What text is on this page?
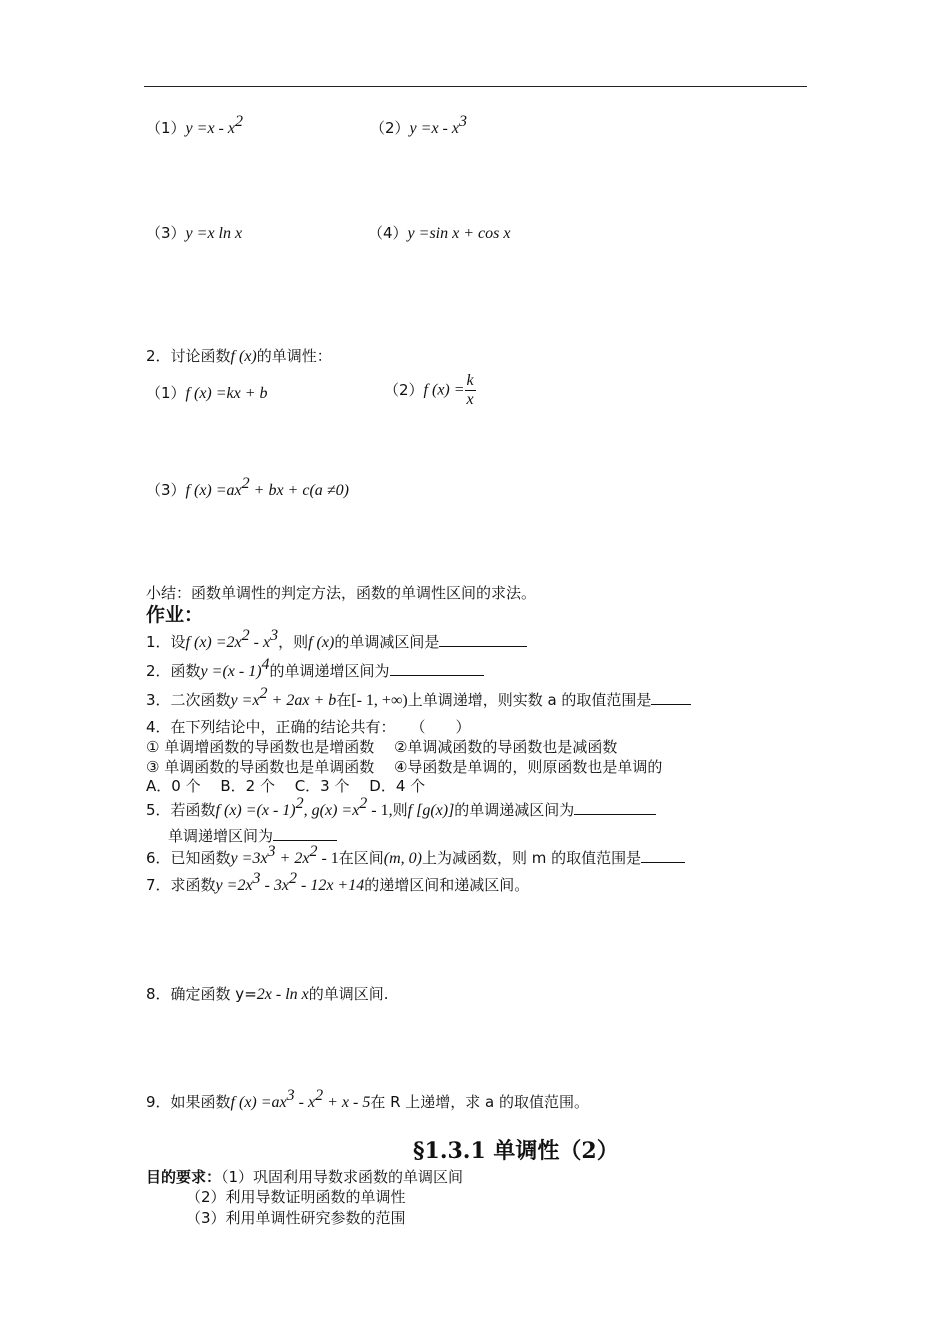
$(1)y =x - x^2$	$(2)y =x - x^3$
（3）y =x ln x	（4）y =sin x + cos x
2．讨论函数f (x)的单调性：
（1）f (x) =kx + b	（2）f $(x) = \frac{k}{x}$
（3）f $(x) =ax^2$ + bx + c(a ≠0)
小结：函数单调性的判定方法，函数的单调性区间的求法。
作业：
1．设f $(x) =2x^2 - x^3$，则f (x)的单调减区间是
2．函数y =(x - 1)$^4$的单调递增区间为
3．二次函数$y =x^2 + 2ax + b$在[- 1, +∞)上单调递增，则实数 a 的取值范围是
4．在下列结论中，正确的结论共有：　　（　　）
① 单调增函数的导函数也是增函数　 ②单调减函数的导函数也是减函数
③ 单调函数的导函数也是单调函数　 ④导函数是单调的，则原函数也是单调的
A．0 个　 B．2 个　 C．3 个　 D．4 个
5．若函数f (x) =(x - 1)$^2$, $g(x) =x^2 - 1$,则f [g(x)]的单调递减区间为
单调递增区间为
6．已知函数$y =3x^3 + 2x^2 - 1$在区间(m, 0)上为减函数，则 m 的取值范围是
7．求函数$y =2x^3 - 3x^2 - 12x +14$的递增区间和递减区间。
8．确定函数 y=2x - ln x的单调区间.
9．如果函数f $(x) =ax^3 - x^2 + x - 5$在 R 上递增，求 a 的取值范围。
§1.3.1 单调性（2）
目的要求：（1）巩固利用导数求函数的单调区间
（2）利用导数证明函数的单调性
（3）利用单调性研究参数的范围
